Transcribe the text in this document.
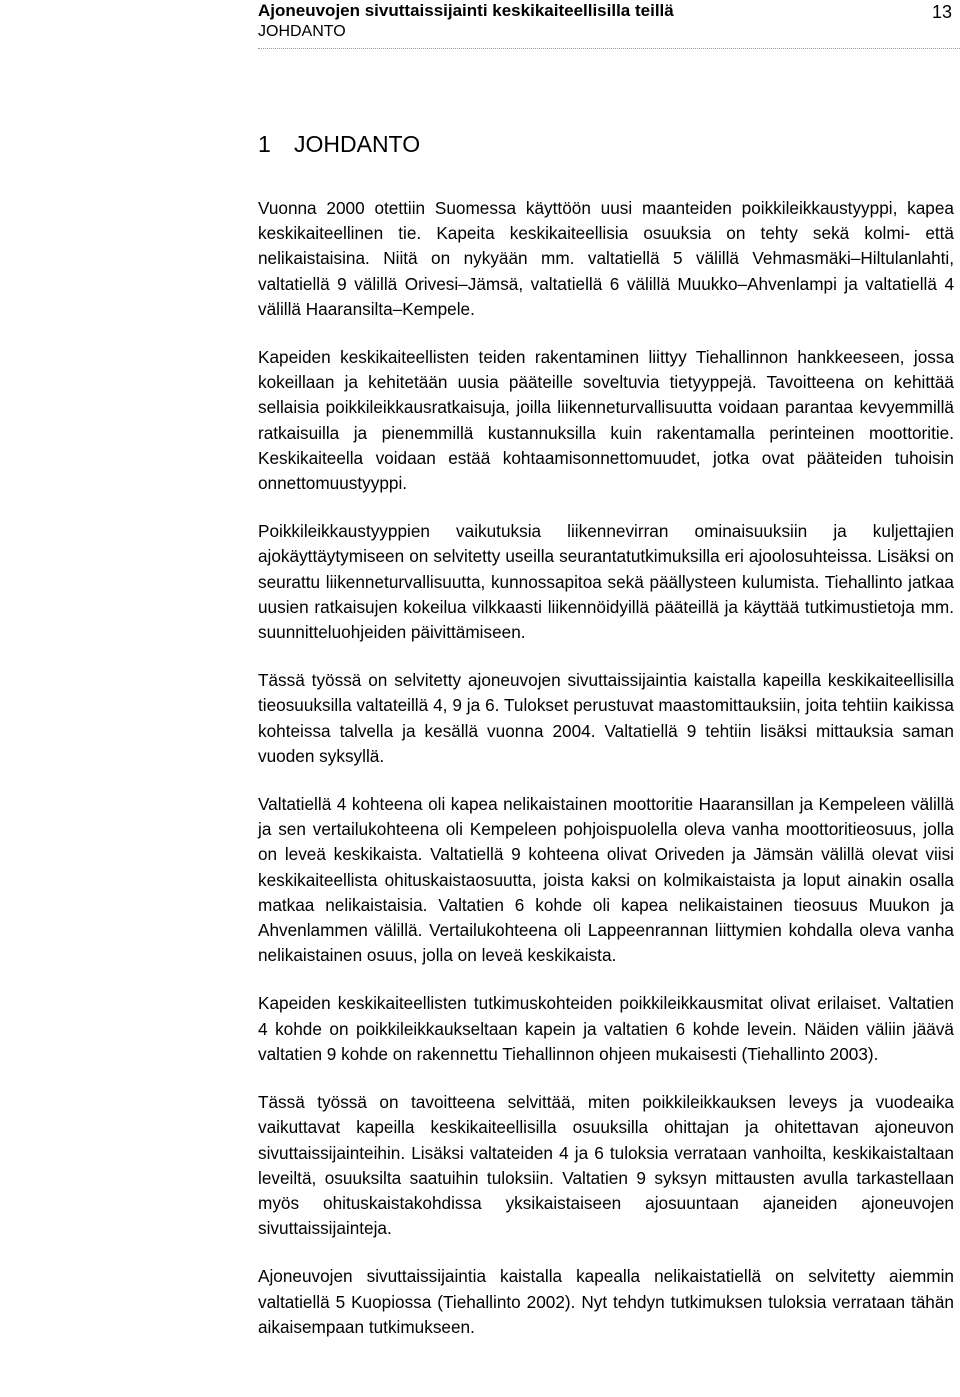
Ajoneuvojen sivuttaissijainti keskikaiteellisilla teillä
JOHDANTO
13
1 JOHDANTO

Vuonna 2000 otettiin Suomessa käyttöön uusi maanteiden poikkileikkaustyyppi, kapea keskikaiteellinen tie. Kapeita keskikaiteellisia osuuksia on tehty sekä kolmi- että nelikaistaisina. Niitä on nykyään mm. valtatiellä 5 välillä Vehmasmäki–Hiltulanlahti, valtatiellä 9 välillä Orivesi–Jämsä, valtatiellä 6 välillä Muukko–Ahvenlampi ja valtatiellä 4 välillä Haaransilta–Kempele.

Kapeiden keskikaiteellisten teiden rakentaminen liittyy Tiehallinnon hankkeeseen, jossa kokeillaan ja kehitetään uusia pääteille soveltuvia tietyyppejä. Tavoitteena on kehittää sellaisia poikkileikkausratkaisuja, joilla liikenneturvallisuutta voidaan parantaa kevyemmillä ratkaisuilla ja pienemmillä kustannuksilla kuin rakentamalla perinteinen moottoritie. Keskikaiteella voidaan estää kohtaamisonnettomuudet, jotka ovat pääteiden tuhoisin onnettomuustyyppi.

Poikkileikkaustyyppien vaikutuksia liikennevirran ominaisuuksiin ja kuljettajien ajokäyttäytymiseen on selvitetty useilla seurantatutkimuksilla eri ajoolosuhteissa. Lisäksi on seurattu liikenneturvallisuutta, kunnossapitoa sekä päällysteen kulumista. Tiehallinto jatkaa uusien ratkaisujen kokeilua vilkkaasti liikennöidyillä pääteillä ja käyttää tutkimustietoja mm. suunnitteluohjeiden päivittämiseen.

Tässä työssä on selvitetty ajoneuvojen sivuttaissijaintia kaistalla kapeilla keskikaiteellisilla tieosuuksilla valtateillä 4, 9 ja 6. Tulokset perustuvat maastomittauksiin, joita tehtiin kaikissa kohteissa talvella ja kesällä vuonna 2004. Valtatiellä 9 tehtiin lisäksi mittauksia saman vuoden syksyllä.

Valtatiellä 4 kohteena oli kapea nelikaistainen moottoritie Haaransillan ja Kempeleen välillä ja sen vertailukohteena oli Kempeleen pohjoispuolella oleva vanha moottoritieosuus, jolla on leveä keskikaista. Valtatiellä 9 kohteena olivat Oriveden ja Jämsän välillä olevat viisi keskikaiteellista ohituskaistaosuutta, joista kaksi on kolmikaistaista ja loput ainakin osalla matkaa nelikaistaisia. Valtatien 6 kohde oli kapea nelikaistainen tieosuus Muukon ja Ahvenlammen välillä. Vertailukohteena oli Lappeenrannan liittymien kohdalla oleva vanha nelikaistainen osuus, jolla on leveä keskikaista.

Kapeiden keskikaiteellisten tutkimuskohteiden poikkileikkausmitat olivat erilaiset. Valtatien 4 kohde on poikkileikkaukseltaan kapein ja valtatien 6 kohde levein. Näiden väliin jäävä valtatien 9 kohde on rakennettu Tiehallinnon ohjeen mukaisesti (Tiehallinto 2003).

Tässä työssä on tavoitteena selvittää, miten poikkileikkauksen leveys ja vuodeaika vaikuttavat kapeilla keskikaiteellisilla osuuksilla ohittajan ja ohitettavan ajoneuvon sivuttaissijainteihin. Lisäksi valtateiden 4 ja 6 tuloksia verrataan vanhoilta, keskikaistaltaan leveiltä, osuuksilta saatuihin tuloksiin. Valtatien 9 syksyn mittausten avulla tarkastellaan myös ohituskaistakohdissa yksikaistaiseen ajosuuntaan ajaneiden ajoneuvojen sivuttaissijainteja.

Ajoneuvojen sivuttaissijaintia kaistalla kapealla nelikaistatiellä on selvitetty aiemmin valtatiellä 5 Kuopiossa (Tiehallinto 2002). Nyt tehdyn tutkimuksen tuloksia verrataan tähän aikaisempaan tutkimukseen.
